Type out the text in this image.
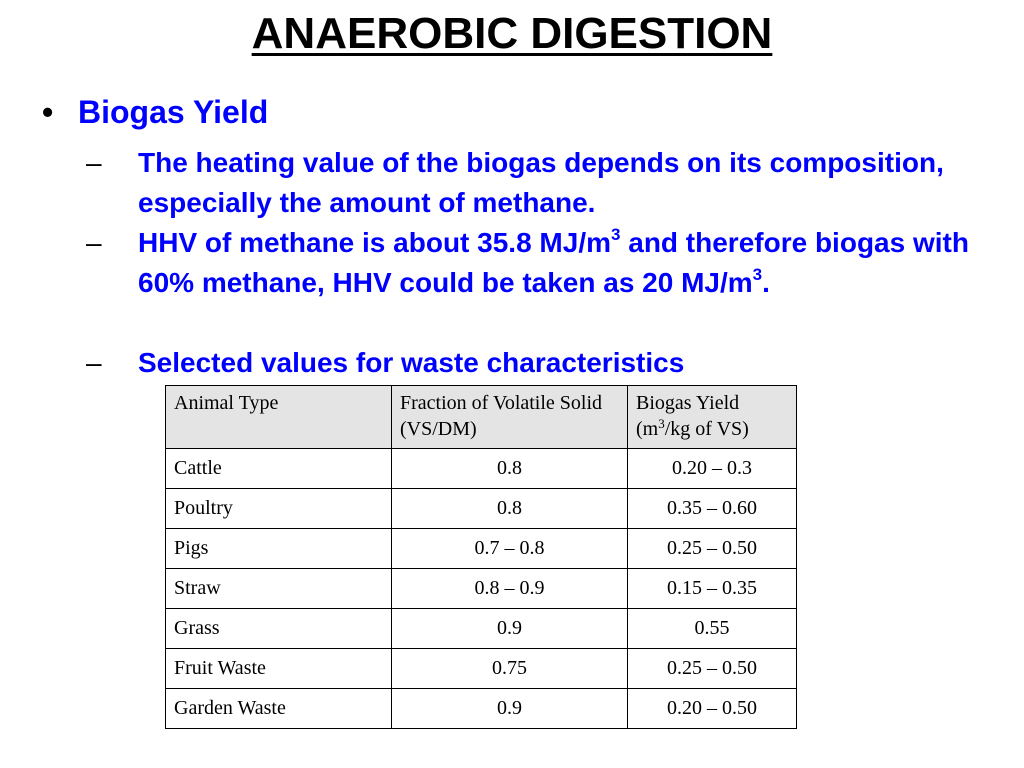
ANAEROBIC DIGESTION
• Biogas Yield
– The heating value of the biogas depends on its composition, especially the amount of methane.
– HHV of methane is about 35.8 $MJ/m^3$ and therefore biogas with 60% methane, HHV could be taken as 20 $MJ/m^3$.
– Selected values for waste characteristics
Animal Type	Fraction of Volatile Solid (VS/DM)	Biogas Yield ($m^3/kg$ of VS)
Cattle	0.8	0.20 – 0.3
Poultry	0.8	0.35 – 0.60
Pigs	0.7 – 0.8	0.25 – 0.50
Straw	0.8 – 0.9	0.15 – 0.35
Grass	0.9	0.55
Fruit Waste	0.75	0.25 – 0.50
Garden Waste	0.9	0.20 – 0.50
